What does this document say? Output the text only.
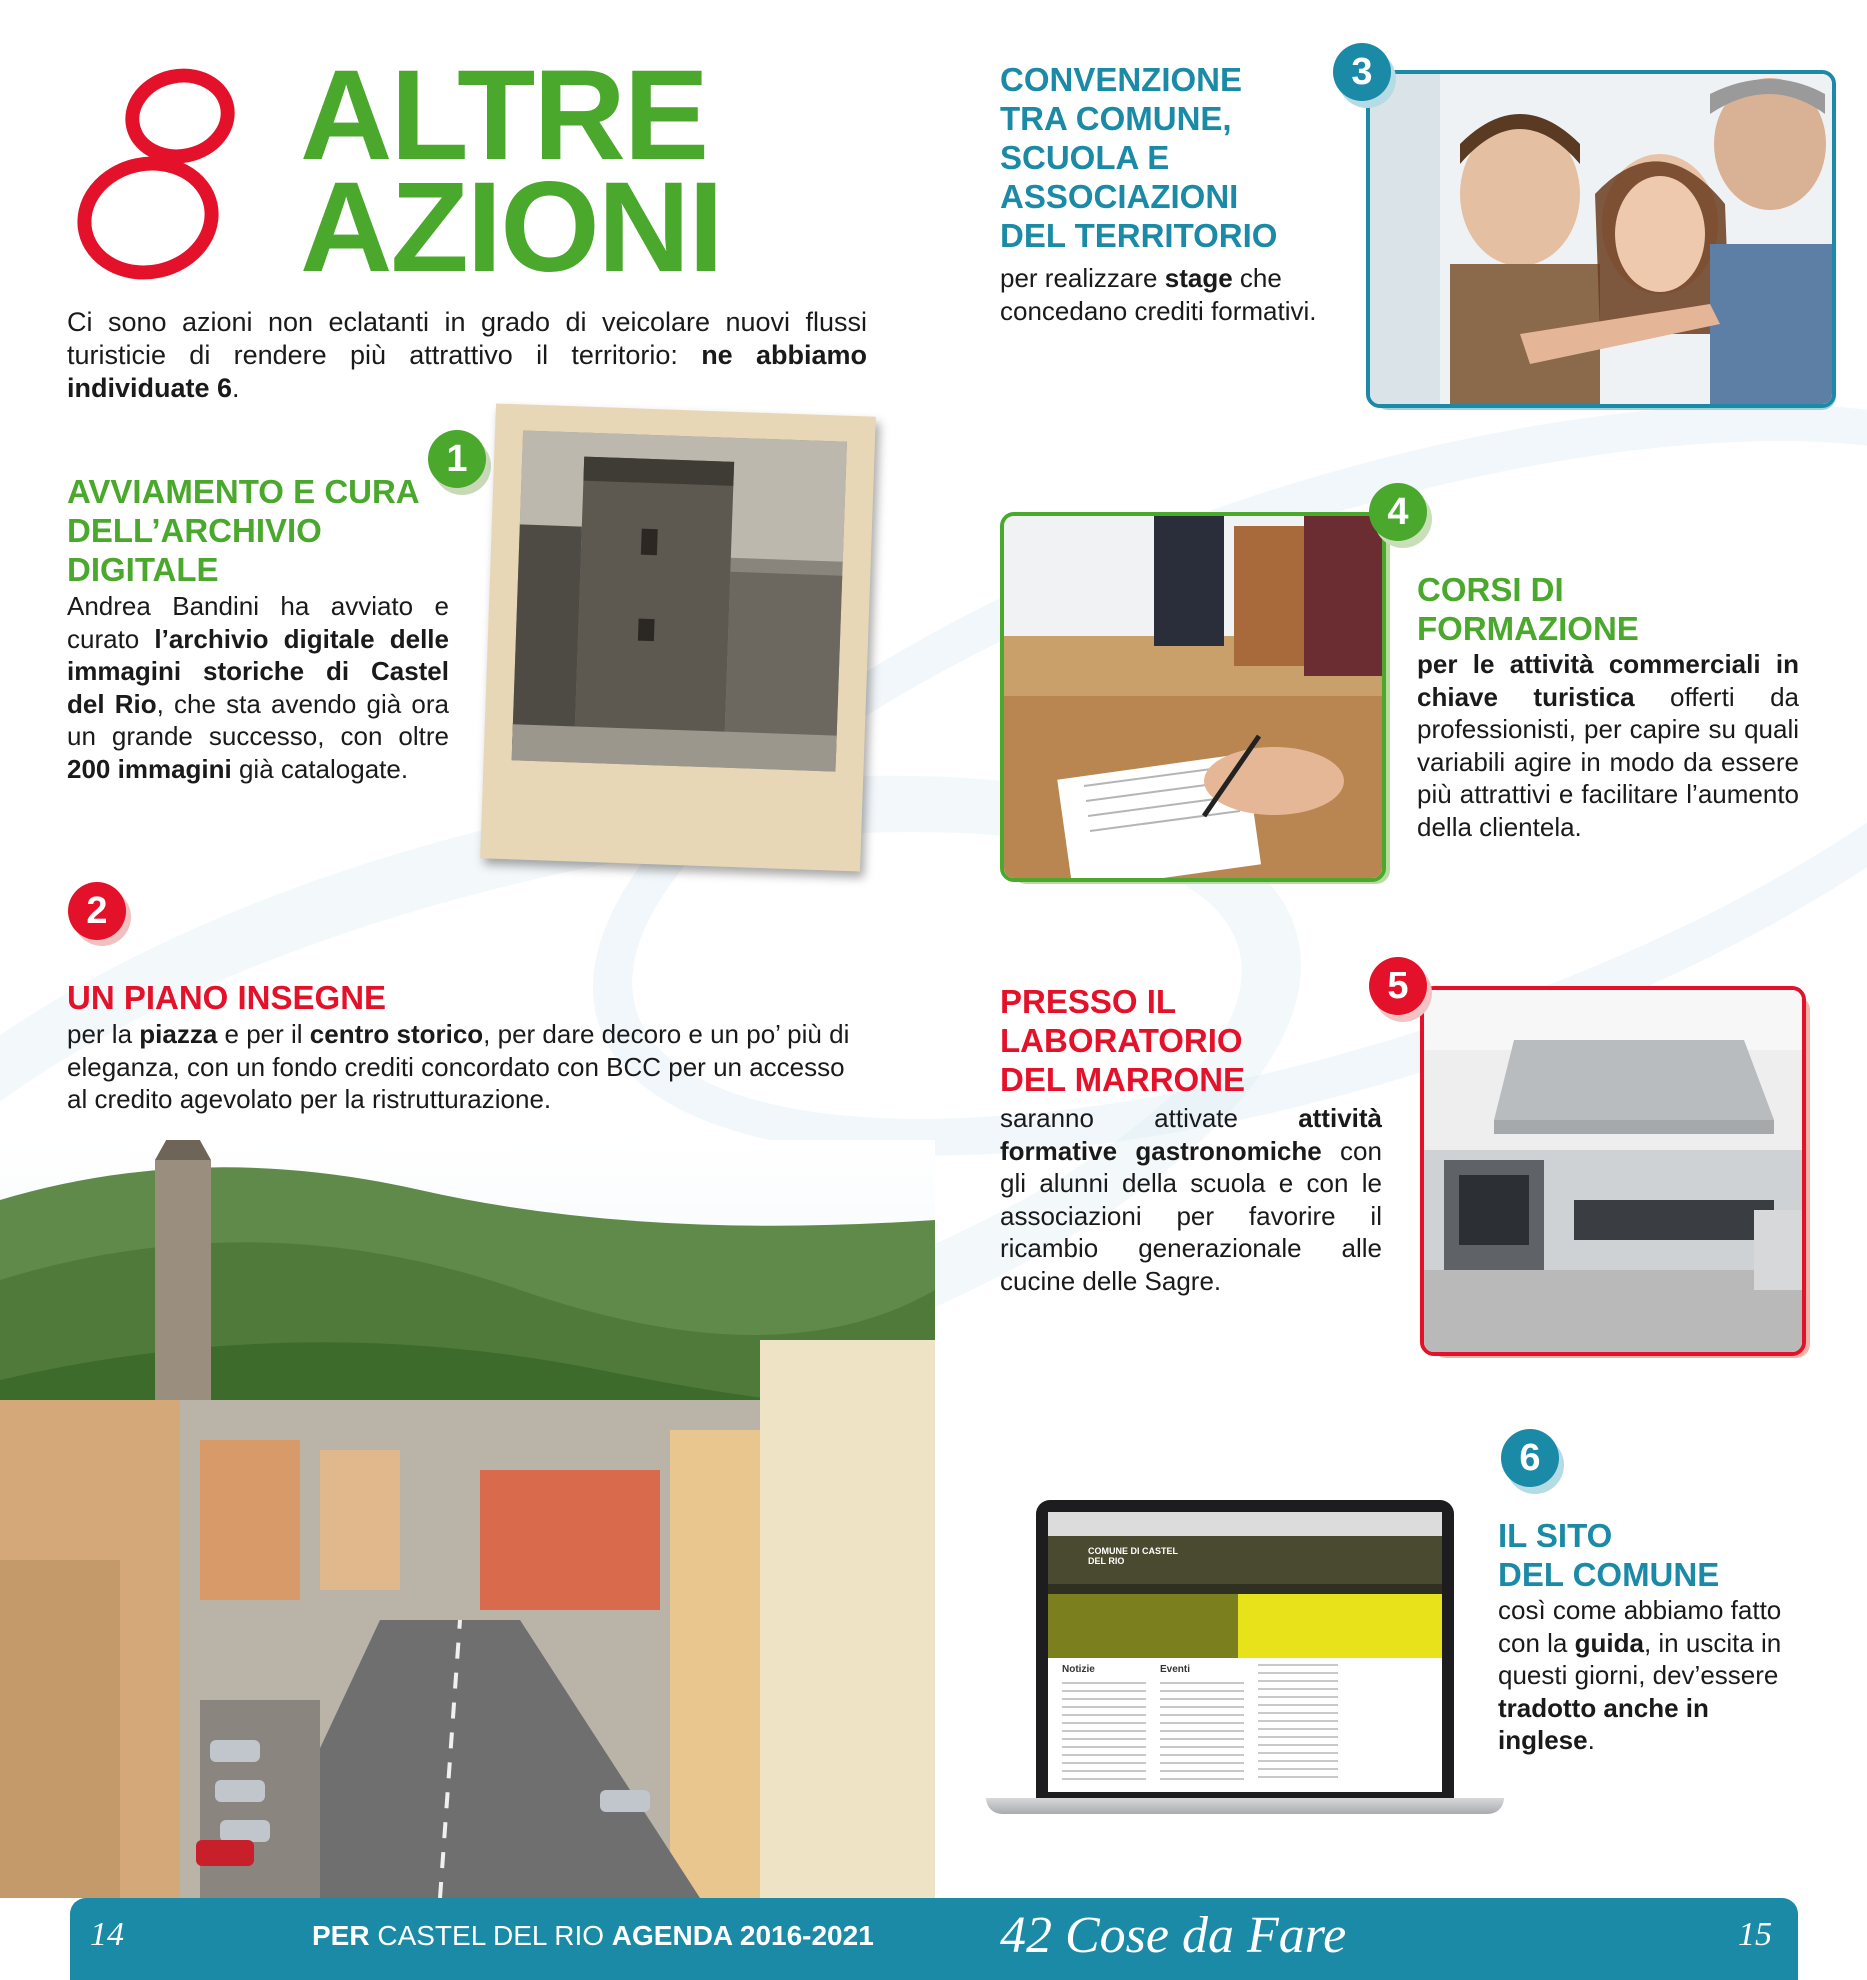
ALTRE
AZIONI
Ci sono azioni non eclatanti in grado di veicolare nuovi flussi turisticie di rendere più attrattivo il territorio: ne abbiamo individuate 6.
1
AVVIAMENTO E CURA
DELL’ARCHIVIO
DIGITALE
Andrea Bandini ha avviato e curato l’archivio digitale delle immagini storiche di Castel del Rio, che sta avendo già ora un grande successo, con oltre 200 immagini già catalogate.
2
UN PIANO INSEGNE
per la piazza e per il centro storico, per dare decoro e un po’ più di eleganza, con un fondo crediti concordato con BCC per un accesso al credito agevolato per la ristrutturazione.
CONVENZIONE
TRA COMUNE,
SCUOLA E
ASSOCIAZIONI
DEL TERRITORIO
per realizzare stage che concedano crediti formativi.
3
4
CORSI DI
FORMAZIONE
per le attività commerciali in chiave turistica offerti da professionisti, per capire su quali variabili agire in modo da essere più attrattivi e facilitare l’aumento della clientela.
PRESSO IL
LABORATORIO
DEL MARRONE
saranno attivate attività formative gastronomiche con gli alunni della scuola e con le associazioni per favorire il ricambio generazionale alle cucine delle Sagre.
5
6
IL SITO
DEL COMUNE
così come abbiamo fatto con la guida, in uscita in questi giorni, dev’essere tradotto anche in inglese.
COMUNE DI CASTEL DEL RIO
Notizie	Eventi
14	PER CASTEL DEL RIO AGENDA 2016-2021 42 Cose da Fare	15
